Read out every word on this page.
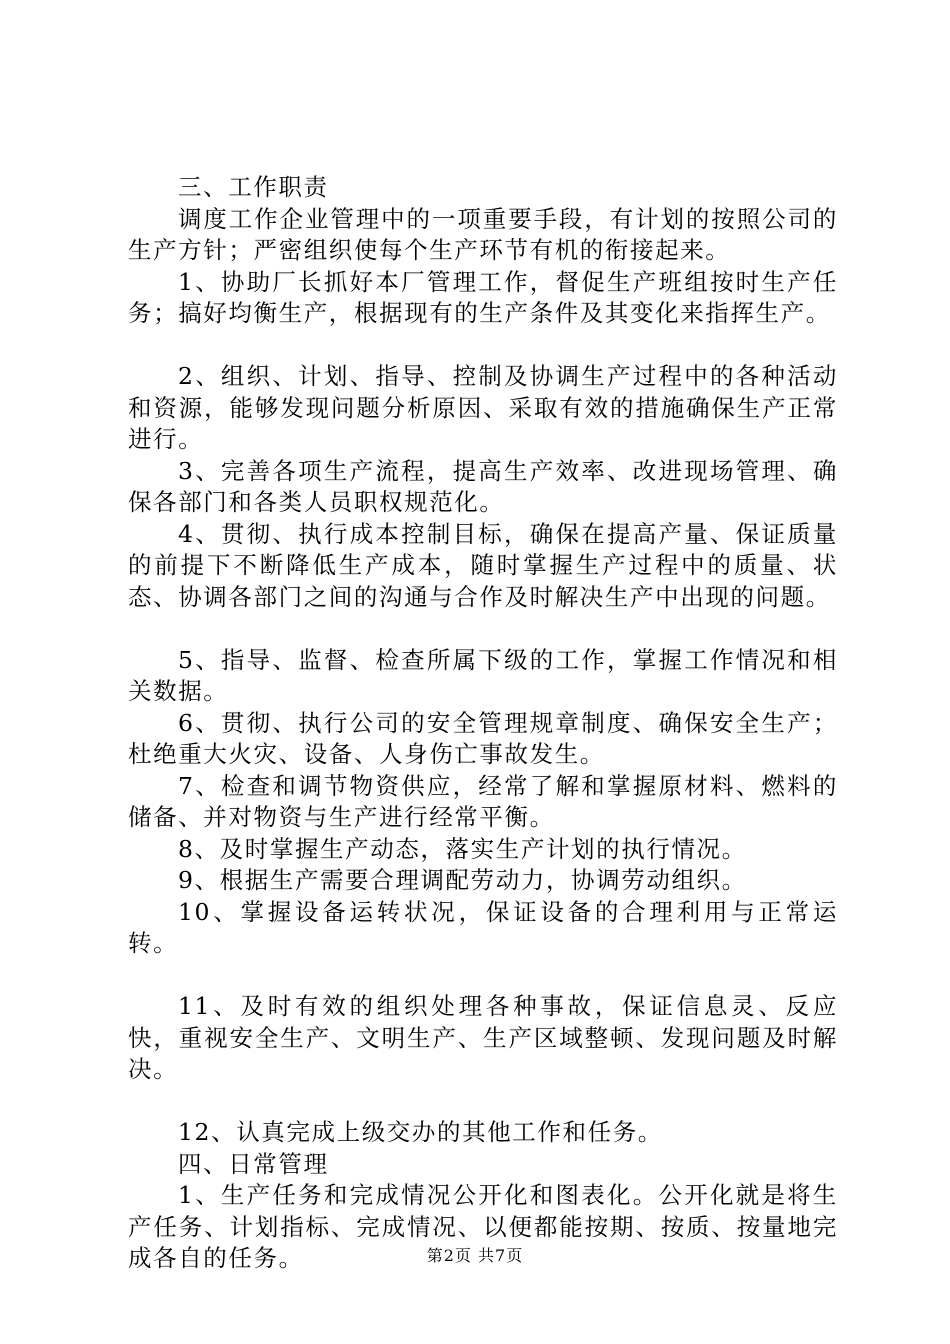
三、工作职责

调度工作企业管理中的一项重要手段，有计划的按照公司的生产方针；严密组织使每个生产环节有机的衔接起来。

1、协助厂长抓好本厂管理工作，督促生产班组按时生产任务；搞好均衡生产，根据现有的生产条件及其变化来指挥生产。

2、组织、计划、指导、控制及协调生产过程中的各种活动和资源，能够发现问题分析原因、采取有效的措施确保生产正常进行。

3、完善各项生产流程，提高生产效率、改进现场管理、确保各部门和各类人员职权规范化。

4、贯彻、执行成本控制目标，确保在提高产量、保证质量的前提下不断降低生产成本，随时掌握生产过程中的质量、状态、协调各部门之间的沟通与合作及时解决生产中出现的问题。

5、指导、监督、检查所属下级的工作，掌握工作情况和相关数据。

6、贯彻、执行公司的安全管理规章制度、确保安全生产；杜绝重大火灾、设备、人身伤亡事故发生。

7、检查和调节物资供应，经常了解和掌握原材料、燃料的储备、并对物资与生产进行经常平衡。

8、及时掌握生产动态，落实生产计划的执行情况。

9、根据生产需要合理调配劳动力，协调劳动组织。

10、掌握设备运转状况，保证设备的合理利用与正常运转。

11、及时有效的组织处理各种事故，保证信息灵、反应快，重视安全生产、文明生产、生产区域整顿、发现问题及时解决。

12、认真完成上级交办的其他工作和任务。

四、日常管理

1、生产任务和完成情况公开化和图表化。公开化就是将生产任务、计划指标、完成情况、以便都能按期、按质、按量地完成各自的任务。	第2页 共7页
